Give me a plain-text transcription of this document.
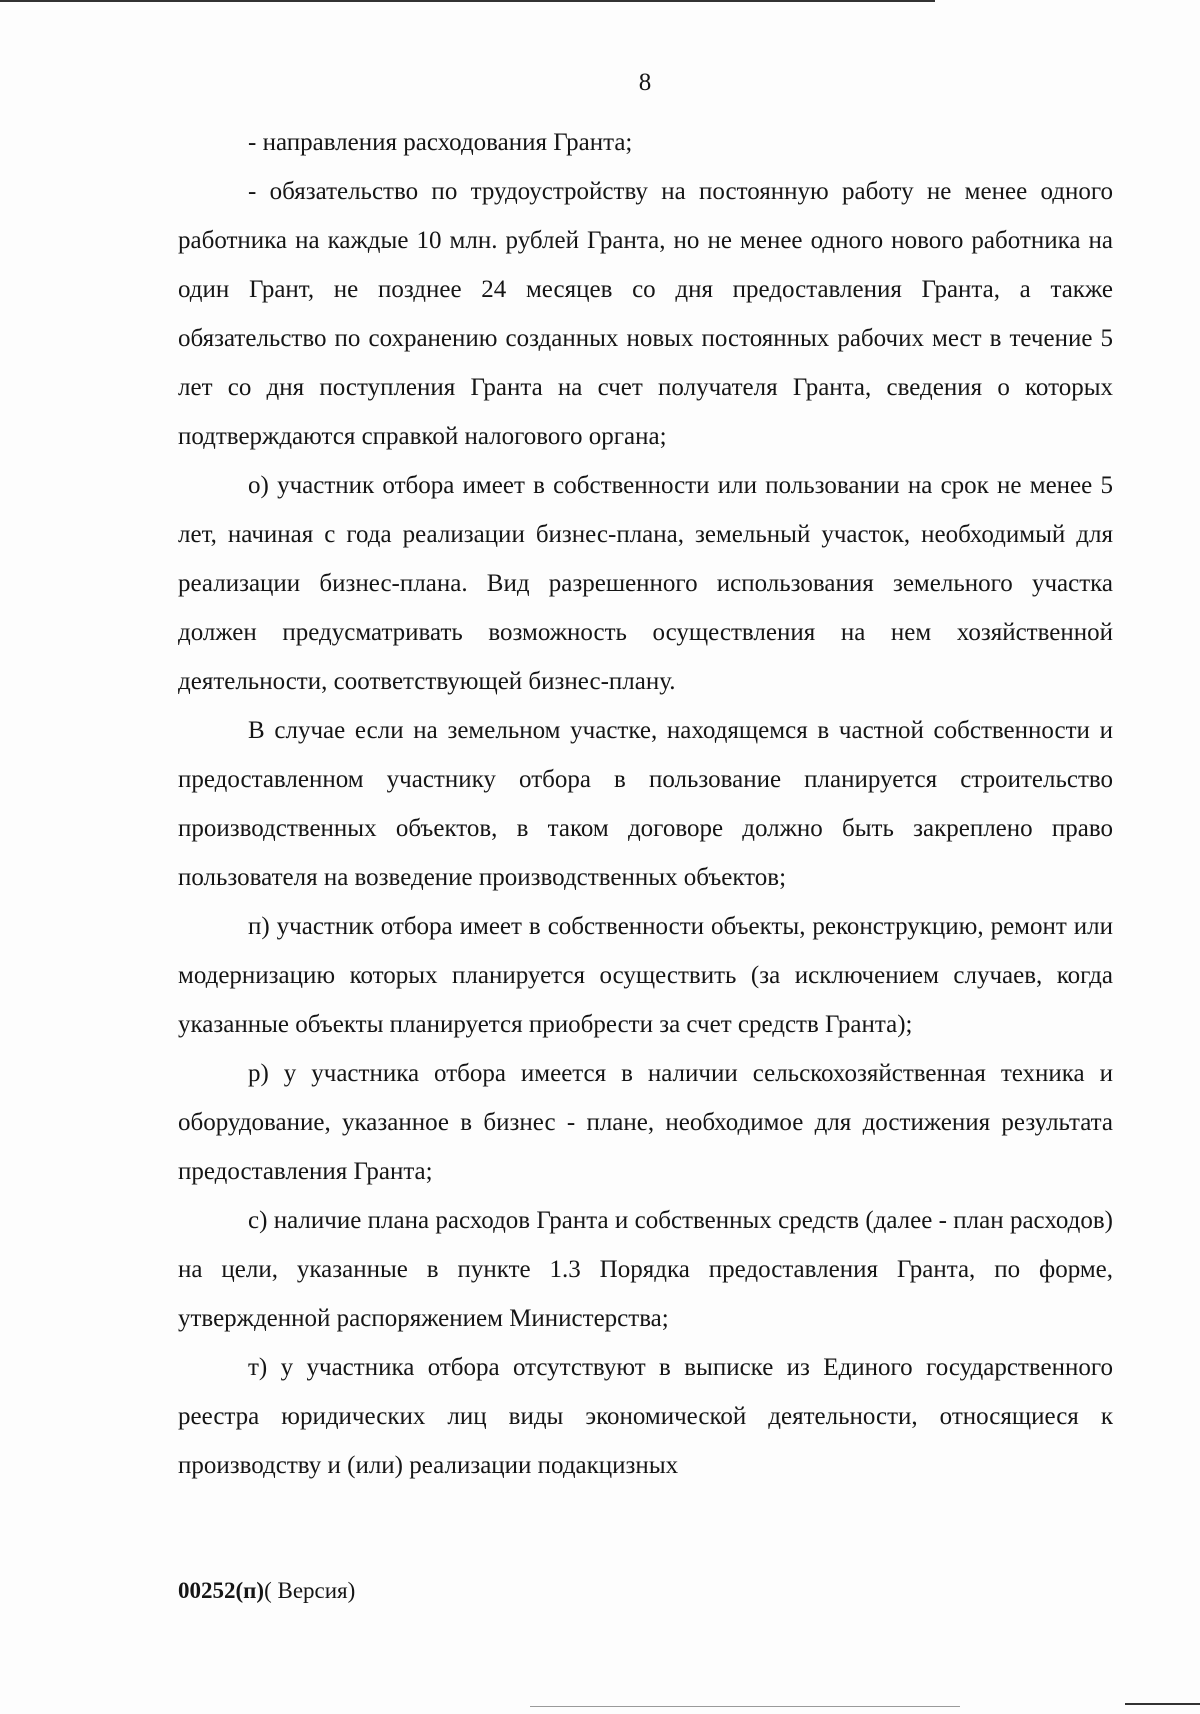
8

- направления расходования Гранта;

- обязательство по трудоустройству на постоянную работу не менее одного работника на каждые 10 млн. рублей Гранта, но не менее одного нового работника на один Грант, не позднее 24 месяцев со дня предоставления Гранта, а также обязательство по сохранению созданных новых постоянных рабочих мест в течение 5 лет со дня поступления Гранта на счет получателя Гранта, сведения о которых подтверждаются справкой налогового органа;

о) участник отбора имеет в собственности или пользовании на срок не менее 5 лет, начиная с года реализации бизнес-плана, земельный участок, необходимый для реализации бизнес-плана. Вид разрешенного использования земельного участка должен предусматривать возможность осуществления на нем хозяйственной деятельности, соответствующей бизнес-плану.

В случае если на земельном участке, находящемся в частной собственности и предоставленном участнику отбора в пользование планируется строительство производственных объектов, в таком договоре должно быть закреплено право пользователя на возведение производственных объектов;

п) участник отбора имеет в собственности объекты, реконструкцию, ремонт или модернизацию которых планируется осуществить (за исключением случаев, когда указанные объекты планируется приобрести за счет средств Гранта);

р) у участника отбора имеется в наличии сельскохозяйственная техника и оборудование, указанное в бизнес - плане, необходимое для достижения результата предоставления Гранта;

с) наличие плана расходов Гранта и собственных средств (далее - план расходов) на цели, указанные в пункте 1.3 Порядка предоставления Гранта, по форме, утвержденной распоряжением Министерства;

т) у участника отбора отсутствуют в выписке из Единого государственного реестра юридических лиц виды экономической деятельности, относящиеся к производству и (или) реализации подакцизных

00252(п)( Версия)
